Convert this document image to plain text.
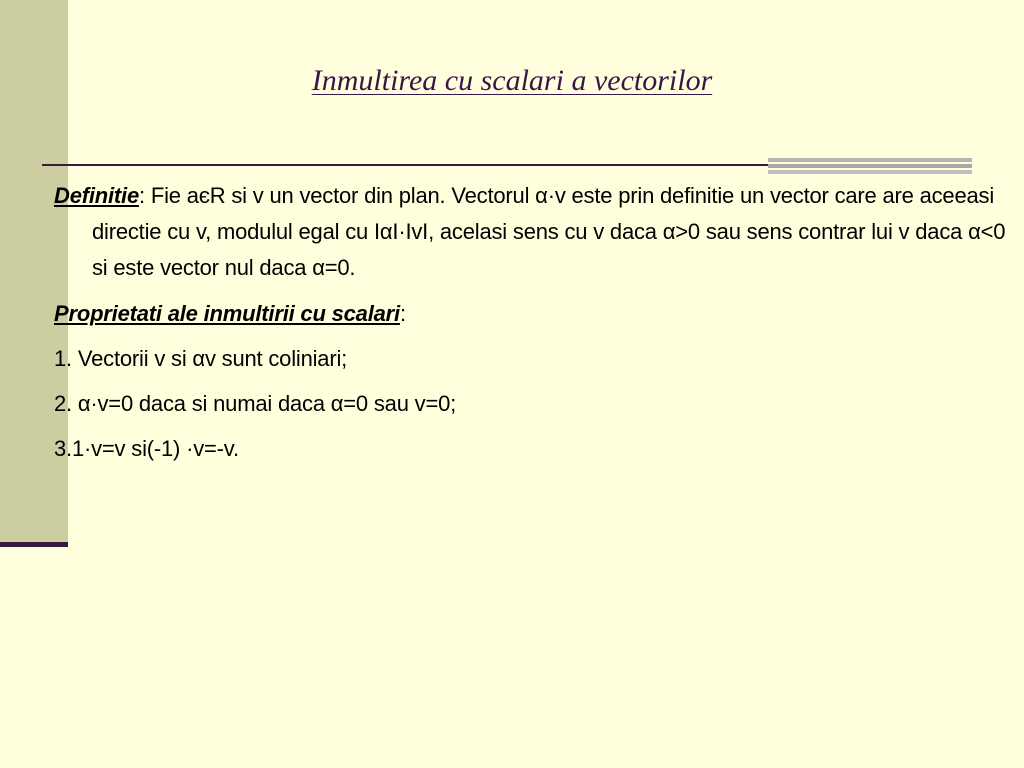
Inmultirea cu scalari a vectorilor

Definitie: Fie aєR si v un vector din plan. Vectorul α·v este prin definitie un vector care are aceeasi directie cu v, modulul egal cu IαI·IvI, acelasi sens cu v daca α>0 sau sens contrar lui v daca α<0 si este vector nul daca α=0.

Proprietati ale inmultirii cu scalari:

1. Vectorii v si αv sunt coliniari;

2. α·v=0 daca si numai daca α=0 sau v=0;

3.1·v=v si(-1) ·v=-v.
